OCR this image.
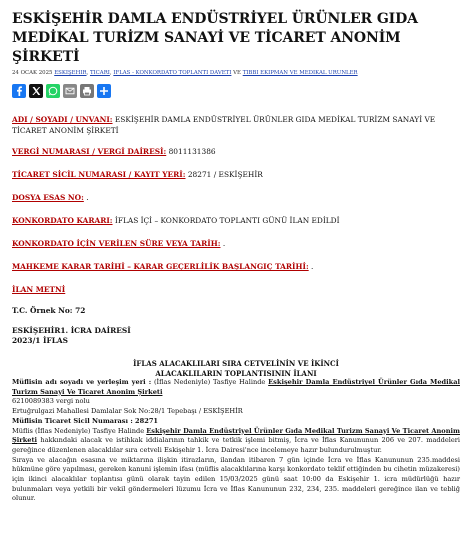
ESKİŞEHİR DAMLA ENDÜSTRİYEL ÜRÜNLER GIDA MEDİKAL TURİZM SANAYİ VE TİCARET ANONİM ŞİRKETİ
24 OCAK 2025 ESKİŞEHİR, TİCARİ, İFLAS - KONKORDATO TOPLANTI DAVETİ VE TIBBİ EKİPMAN VE MEDİKAL ÜRÜNLER
ADI / SOYADI / UNVANI: ESKİŞEHİR DAMLA ENDÜSTRİYEL ÜRÜNLER GIDA MEDİKAL TURİZM SANAYİ VE TİCARET ANONİM ŞİRKETİ
VERGİ NUMARASI / VERGİ DAİRESİ: 8011131386
TİCARET SİCİL NUMARASI / KAYIT YERİ: 28271 / ESKİŞEHİR
DOSYA ESAS NO: .
KONKORDATO KARARI: İFLAS İÇİ – KONKORDATO TOPLANTI GÜNÜ İLAN EDİLDİ
KONKORDATO İÇİN VERİLEN SÜRE VEYA TARİH: .
MAHKEME KARAR TARİHİ – KARAR GEÇERLİLİK BAŞLANGIÇ TARİHİ: .
İLAN METNİ
T.C. Örnek No: 72
ESKİŞEHİR1. İCRA DAİRESİ
2023/1 İFLAS
İFLAS ALACAKLILARI SIRA CETVELİNİN VE İKİNCİ
ALACAKLILARIN TOPLANTISININ İLANI
Müflisin adı soyadı ve yerleşim yeri : (İflas Nedeniyle) Tasfiye Halinde Eskişehir Damla Endüstriyel Ürünler Gıda Medikal Turizm Sanayi Ve Ticaret Anonim Şirketi
6210089383 vergi nolu
Ertuğrulgazi Mahallesi Damlalar Sok No:28/1 Tepebaşı / ESKİŞEHİR
Müflisin Ticaret Sicil Numarası : 28271
Müflis (İflas Nedeniyle) Tasfiye Halinde Eskişehir Damla Endüstriyel Ürünler Gıda Medikal Turizm Sanayi Ve Ticaret Anonim Şirketi hakkındaki alacak ve istihkak iddialarının tahkik ve tetkik işlemi bitmiş, İcra ve İflas Kanununun 206 ve 207. maddeleri gereğince düzenlenen alacaklılar sıra cetveli Eskişehir 1. İcra Dairesi'nce incelemeye hazır bulundurulmuştur.
Sıraya ve alacağın esasına ve miktarına ilişkin itirazların, ilandan itibaren 7 gün içinde İcra ve İflas Kanununun 235.maddesi hükmüne göre yapılması, gereken kanuni işlemin ifası (müflis alacaklılarına karşı konkordato teklif ettiğinden bu cihetin müzakeresi) için ikinci alacaklılar toplantısı günü olarak tayin edilen 15/03/2025 günü saat 10:00 da Eskişehir 1. icra müdürlüğü hazır bulunmaları veya yetkili bir vekil göndermeleri lüzumu İcra ve İflas Kanununun 232, 234, 235. maddeleri gereğince ilan ve tebliğ olunur.
